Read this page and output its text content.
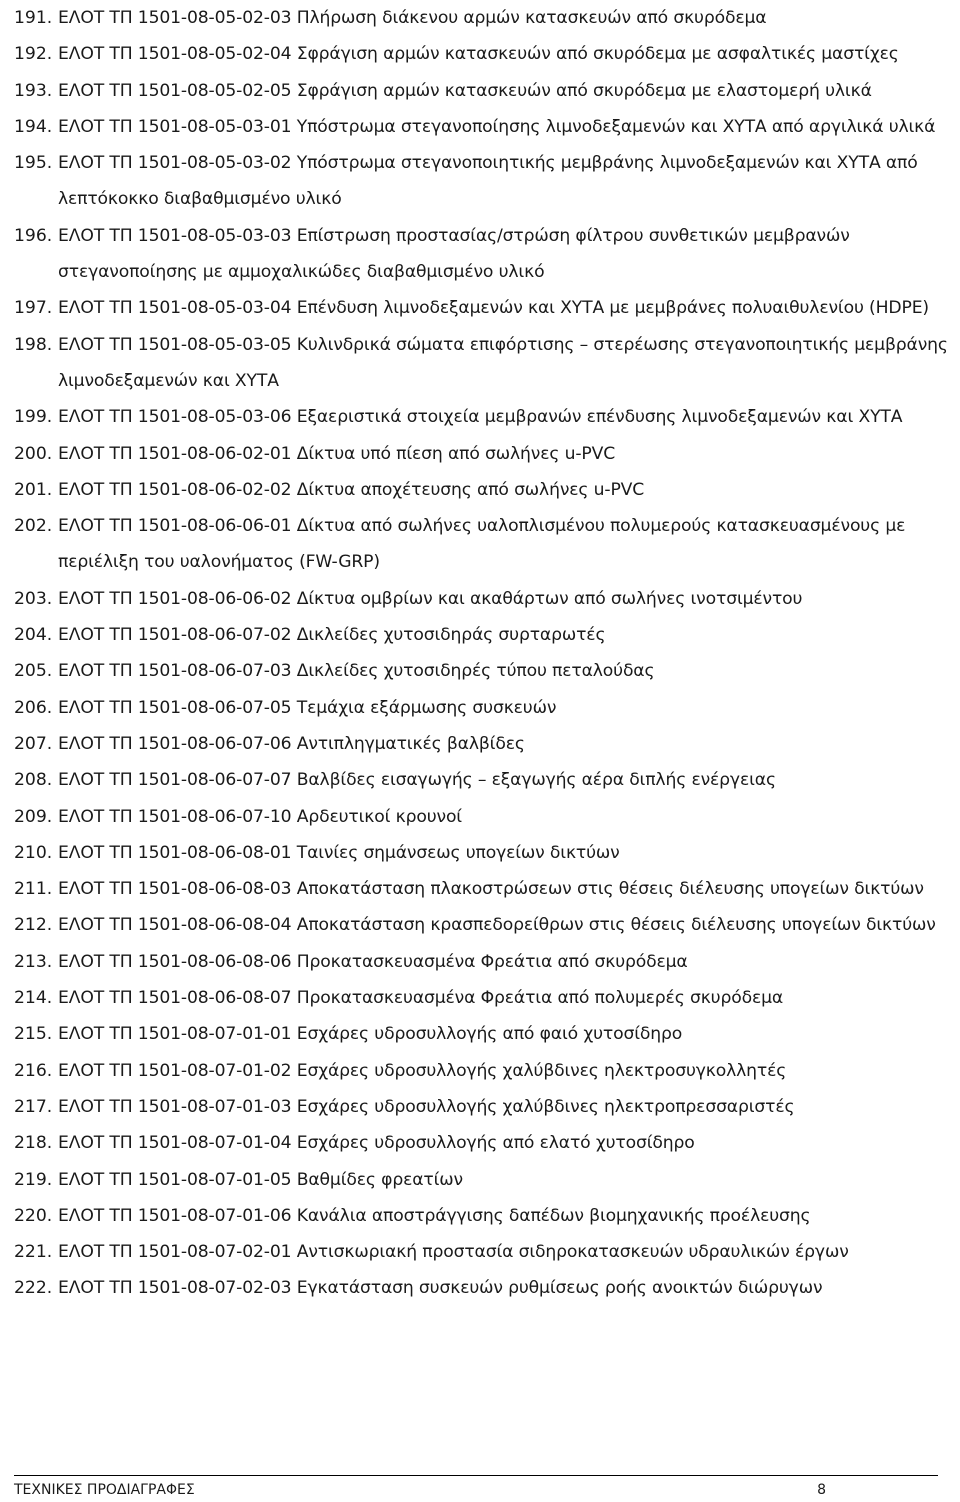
191. ΕΛΟΤ ΤΠ 1501-08-05-02-03 Πλήρωση διάκενου αρμών κατασκευών από σκυρόδεμα
192. ΕΛΟΤ ΤΠ 1501-08-05-02-04 Σφράγιση αρμών κατασκευών από σκυρόδεμα με ασφαλτικές μαστίχες
193. ΕΛΟΤ ΤΠ 1501-08-05-02-05 Σφράγιση αρμών κατασκευών από σκυρόδεμα με ελαστομερή υλικά
194. ΕΛΟΤ ΤΠ 1501-08-05-03-01 Υπόστρωμα στεγανοποίησης λιμνοδεξαμενών και ΧΥΤΑ από αργιλικά υλικά
195. ΕΛΟΤ ΤΠ 1501-08-05-03-02 Υπόστρωμα στεγανοποιητικής μεμβράνης λιμνοδεξαμενών και ΧΥΤΑ από λεπτόκοκκο διαβαθμισμένο υλικό
196. ΕΛΟΤ ΤΠ 1501-08-05-03-03 Επίστρωση προστασίας/στρώση φίλτρου συνθετικών μεμβρανών στεγανοποίησης με αμμοχαλικώδες διαβαθμισμένο υλικό
197. ΕΛΟΤ ΤΠ 1501-08-05-03-04 Επένδυση λιμνοδεξαμενών και ΧΥΤΑ με μεμβράνες πολυαιθυλενίου (HDPE)
198. ΕΛΟΤ ΤΠ 1501-08-05-03-05 Κυλινδρικά σώματα επιφόρτισης – στερέωσης στεγανοποιητικής μεμβράνης λιμνοδεξαμενών και ΧΥΤΑ
199. ΕΛΟΤ ΤΠ 1501-08-05-03-06 Εξαεριστικά στοιχεία μεμβρανών επένδυσης λιμνοδεξαμενών και ΧΥΤΑ
200. ΕΛΟΤ ΤΠ 1501-08-06-02-01 Δίκτυα υπό πίεση από σωλήνες u-PVC
201. ΕΛΟΤ ΤΠ 1501-08-06-02-02 Δίκτυα αποχέτευσης από σωλήνες u-PVC
202. ΕΛΟΤ ΤΠ 1501-08-06-06-01 Δίκτυα από σωλήνες υαλοπλισμένου πολυμερούς κατασκευασμένους με περιέλιξη του υαλονήματος (FW-GRP)
203. ΕΛΟΤ ΤΠ 1501-08-06-06-02 Δίκτυα ομβρίων και ακαθάρτων από σωλήνες ινοτσιμέντου
204. ΕΛΟΤ ΤΠ 1501-08-06-07-02 Δικλείδες χυτοσιδηράς συρταρωτές
205. ΕΛΟΤ ΤΠ 1501-08-06-07-03 Δικλείδες χυτοσιδηρές τύπου πεταλούδας
206. ΕΛΟΤ ΤΠ 1501-08-06-07-05 Τεμάχια εξάρμωσης συσκευών
207. ΕΛΟΤ ΤΠ 1501-08-06-07-06 Αντιπληγματικές βαλβίδες
208. ΕΛΟΤ ΤΠ 1501-08-06-07-07 Βαλβίδες εισαγωγής – εξαγωγής αέρα διπλής ενέργειας
209. ΕΛΟΤ ΤΠ 1501-08-06-07-10 Αρδευτικοί κρουνοί
210. ΕΛΟΤ ΤΠ 1501-08-06-08-01 Ταινίες σημάνσεως υπογείων δικτύων
211. ΕΛΟΤ ΤΠ 1501-08-06-08-03 Αποκατάσταση πλακοστρώσεων στις θέσεις διέλευσης υπογείων δικτύων
212. ΕΛΟΤ ΤΠ 1501-08-06-08-04 Αποκατάσταση κρασπεδορείθρων στις θέσεις διέλευσης υπογείων δικτύων
213. ΕΛΟΤ ΤΠ 1501-08-06-08-06 Προκατασκευασμένα Φρεάτια από σκυρόδεμα
214. ΕΛΟΤ ΤΠ 1501-08-06-08-07 Προκατασκευασμένα Φρεάτια από πολυμερές σκυρόδεμα
215. ΕΛΟΤ ΤΠ 1501-08-07-01-01 Εσχάρες υδροσυλλογής από φαιό χυτοσίδηρο
216. ΕΛΟΤ ΤΠ 1501-08-07-01-02 Εσχάρες υδροσυλλογής χαλύβδινες ηλεκτροσυγκολλητές
217. ΕΛΟΤ ΤΠ 1501-08-07-01-03 Εσχάρες υδροσυλλογής χαλύβδινες ηλεκτροπρεσσαριστές
218. ΕΛΟΤ ΤΠ 1501-08-07-01-04 Εσχάρες υδροσυλλογής από ελατό χυτοσίδηρο
219. ΕΛΟΤ ΤΠ 1501-08-07-01-05 Βαθμίδες φρεατίων
220. ΕΛΟΤ ΤΠ 1501-08-07-01-06 Κανάλια αποστράγγισης δαπέδων βιομηχανικής προέλευσης
221. ΕΛΟΤ ΤΠ 1501-08-07-02-01 Αντισκωριακή προστασία σιδηροκατασκευών υδραυλικών έργων
222. ΕΛΟΤ ΤΠ 1501-08-07-02-03 Εγκατάσταση συσκευών ρυθμίσεως ροής ανοικτών διώρυγων
ΤΕΧΝΙΚΕΣ ΠΡΟΔΙΑΓΡΑΦΕΣ	8
